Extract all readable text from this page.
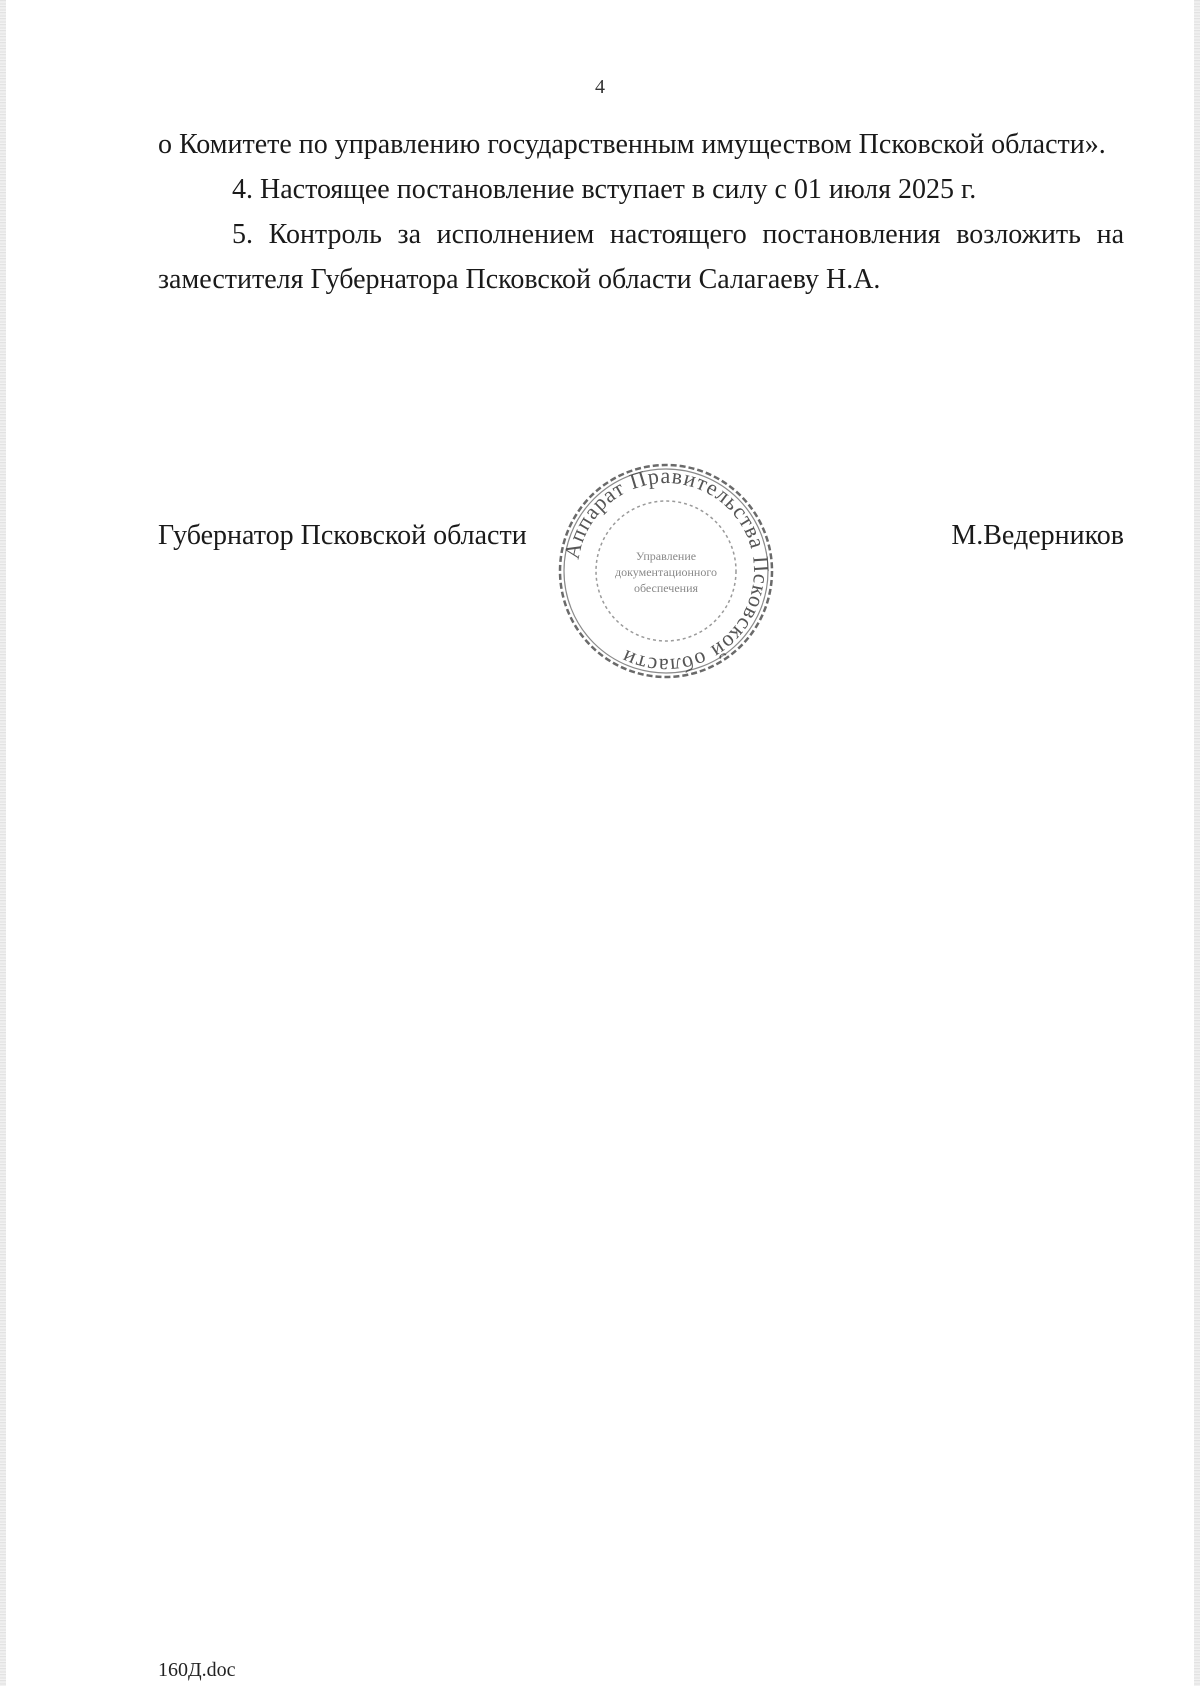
4

о Комитете по управлению государственным имуществом Псковской области».

4. Настоящее постановление вступает в силу с 01 июля 2025 г.

5. Контроль за исполнением настоящего постановления возложить на заместителя Губернатора Псковской области Салагаеву Н.А.

Губернатор Псковской области	М.Ведерников
Аппарат Правительства Псковской области
Управление
документационного
обеспечения
160Д.doc
